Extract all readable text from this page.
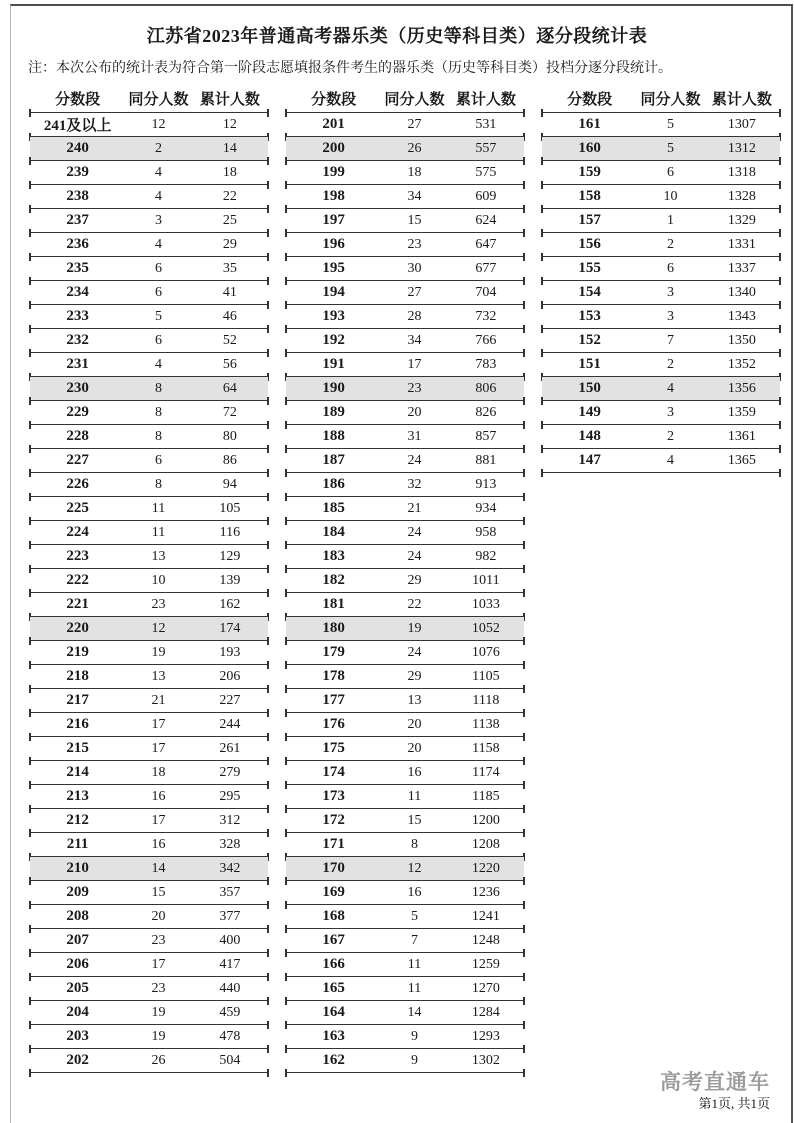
江苏省2023年普通高考器乐类（历史等科目类）逐分段统计表
注：本次公布的统计表为符合第一阶段志愿填报条件考生的器乐类（历史等科目类）投档分逐分段统计。
分数段	同分人数 累计人数
241及以上	12	12
240	2	14
239	4	18
238	4	22
237	3	25
236	4	29
235	6	35
234	6	41
233	5	46
232	6	52
231	4	56
230	8	64
229	8	72
228	8	80
227	6	86
226	8	94
225	11	105
224	11	116
223	13	129
222	10	139
221	23	162
220	12	174
219	19	193
218	13	206
217	21	227
216	17	244
215	17	261
214	18	279
213	16	295
212	17	312
211	16	328
210	14	342
209	15	357
208	20	377
207	23	400
206	17	417
205	23	440
204	19	459
203	19	478
202	26	504
分数段	同分人数 累计人数
201	27	531
200	26	557
199	18	575
198	34	609
197	15	624
196	23	647
195	30	677
194	27	704
193	28	732
192	34	766
191	17	783
190	23	806
189	20	826
188	31	857
187	24	881
186	32	913
185	21	934
184	24	958
183	24	982
182	29	1011
181	22	1033
180	19	1052
179	24	1076
178	29	1105
177	13	1118
176	20	1138
175	20	1158
174	16	1174
173	11	1185
172	15	1200
171	8	1208
170	12	1220
169	16	1236
168	5	1241
167	7	1248
166	11	1259
165	11	1270
164	14	1284
163	9	1293
162	9	1302
分数段	同分人数 累计人数
161	5	1307
160	5	1312
159	6	1318
158	10	1328
157	1	1329
156	2	1331
155	6	1337
154	3	1340
153	3	1343
152	7	1350
151	2	1352
150	4	1356
149	3	1359
148	2	1361
147	4	1365
高考直通车
第1页, 共1页
